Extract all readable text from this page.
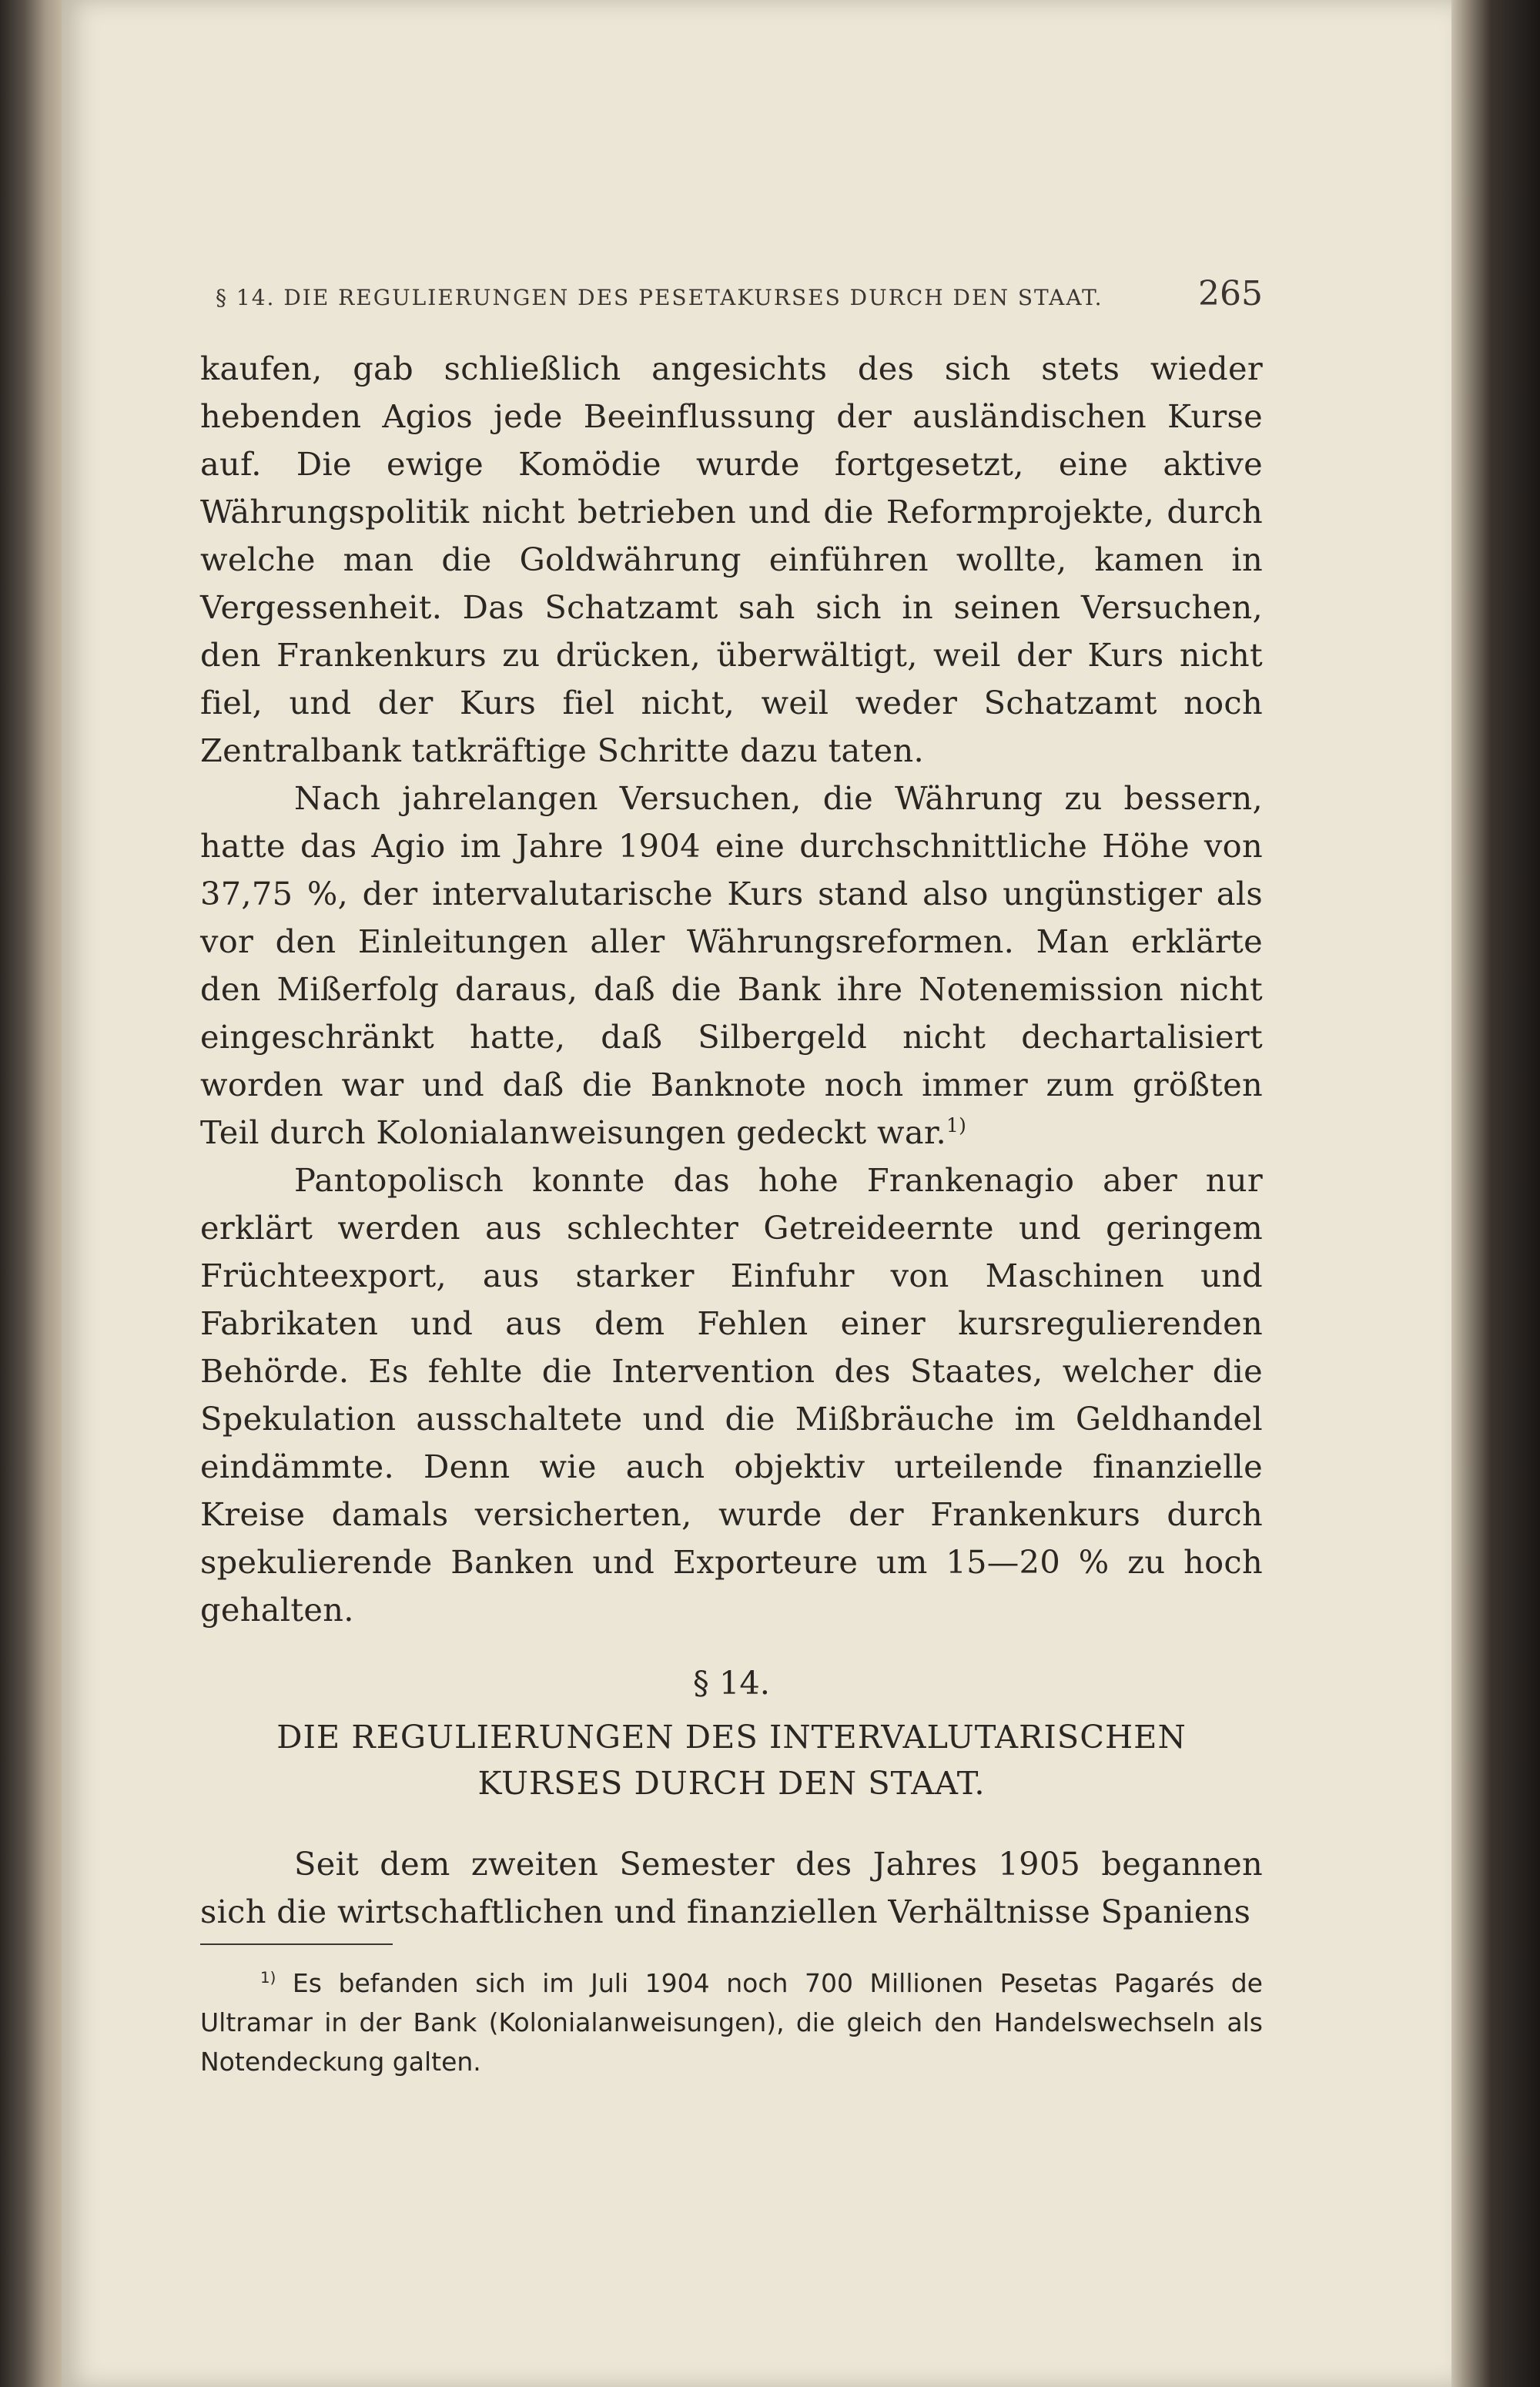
§ 14. DIE REGULIERUNGEN DES PESETAKURSES DURCH DEN STAAT.	265

kaufen, gab schließlich angesichts des sich stets wieder hebenden Agios jede Beeinflussung der ausländischen Kurse auf. Die ewige Komödie wurde fortgesetzt, eine aktive Währungspolitik nicht betrieben und die Reformprojekte, durch welche man die Goldwährung einführen wollte, kamen in Vergessenheit. Das Schatzamt sah sich in seinen Versuchen, den Frankenkurs zu drücken, überwältigt, weil der Kurs nicht fiel, und der Kurs fiel nicht, weil weder Schatzamt noch Zentralbank tatkräftige Schritte dazu taten.

Nach jahrelangen Versuchen, die Währung zu bessern, hatte das Agio im Jahre 1904 eine durchschnittliche Höhe von 37,75 %, der intervalutarische Kurs stand also ungünstiger als vor den Einleitungen aller Währungsreformen. Man erklärte den Mißerfolg daraus, daß die Bank ihre Notenemission nicht eingeschränkt hatte, daß Silbergeld nicht dechartalisiert worden war und daß die Banknote noch immer zum größten Teil durch Kolonialanweisungen gedeckt war.$^{1)}$

Pantopolisch konnte das hohe Frankenagio aber nur erklärt werden aus schlechter Getreideernte und geringem Früchteexport, aus starker Einfuhr von Maschinen und Fabrikaten und aus dem Fehlen einer kursregulierenden Behörde. Es fehlte die Intervention des Staates, welcher die Spekulation ausschaltete und die Mißbräuche im Geldhandel eindämmte. Denn wie auch objektiv urteilende finanzielle Kreise damals versicherten, wurde der Frankenkurs durch spekulierende Banken und Exporteure um 15—20 % zu hoch gehalten.

§ 14.
DIE REGULIERUNGEN DES INTERVALUTARISCHEN
KURSES DURCH DEN STAAT.

Seit dem zweiten Semester des Jahres 1905 begannen sich die wirtschaftlichen und finanziellen Verhältnisse Spaniens

$^{1)}$ Es befanden sich im Juli 1904 noch 700 Millionen Pesetas Pagarés de Ultramar in der Bank (Kolonialanweisungen), die gleich den Handelswechseln als Notendeckung galten.
